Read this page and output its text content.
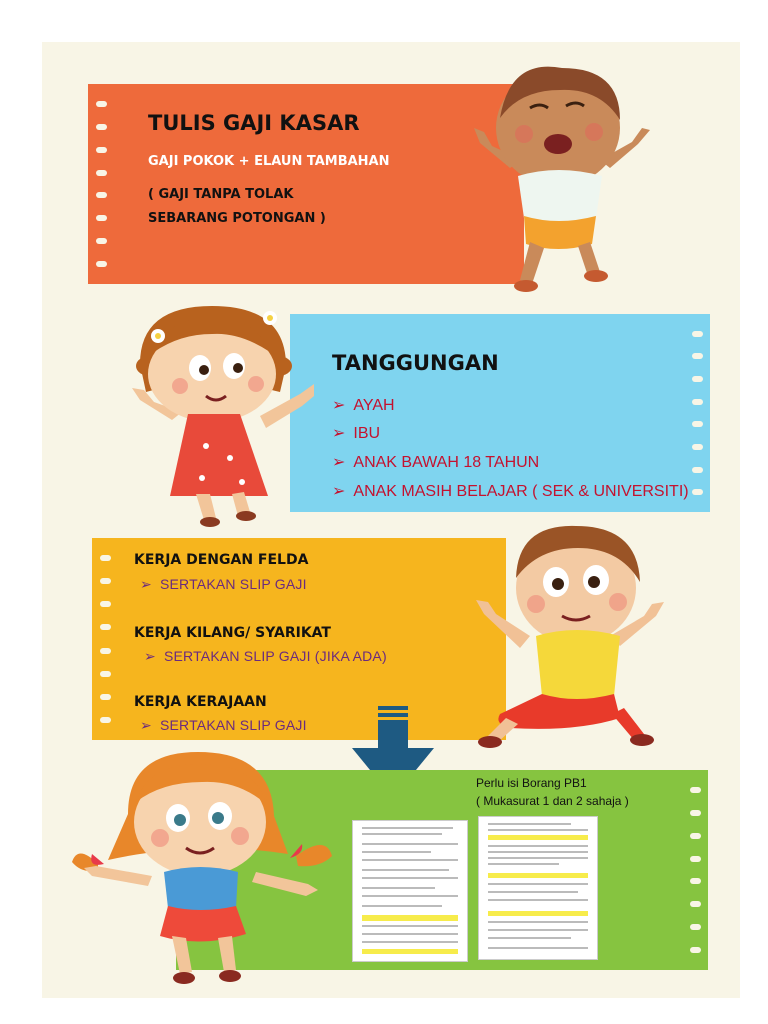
TULIS GAJI KASAR

GAJI POKOK + ELAUN TAMBAHAN

( GAJI TANPA TOLAK

SEBARANG POTONGAN )

TANGGUNGAN

➢ AYAH

➢ IBU

➢ ANAK BAWAH 18 TAHUN

➢ ANAK MASIH BELAJAR ( SEK & UNIVERSITI)

KERJA DENGAN FELDA

➢ SERTAKAN SLIP GAJI

KERJA KILANG/ SYARIKAT

➢ SERTAKAN SLIP GAJI (JIKA ADA)

KERJA KERAJAAN

➢ SERTAKAN SLIP GAJI

Perlu isi Borang PB1

( Mukasurat 1 dan 2 sahaja )
